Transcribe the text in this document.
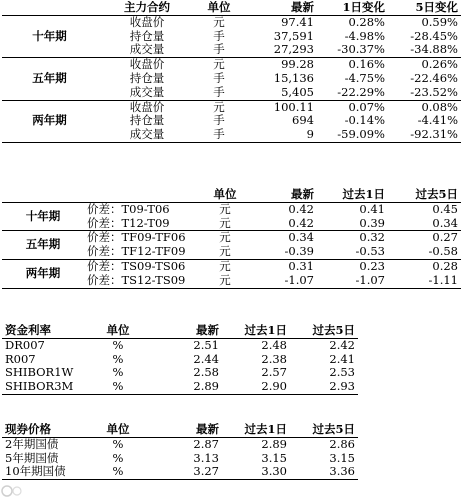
	主力合约	单位	最新	1日变化	5日变化
十年期	收盘价	元	97.41	0.28%	0.59%
	持仓量	手	37,591	-4.98%	-28.45%
	成交量	手	27,293	-30.37%	-34.88%
五年期	收盘价	元	99.28	0.16%	0.26%
	持仓量	手	15,136	-4.75%	-22.46%
	成交量	手	5,405	-22.29%	-23.52%
两年期	收盘价	元	100.11	0.07%	0.08%
	持仓量	手	694	-0.14%	-4.41%
	成交量	手	9	-59.09%	-92.31%
		单位	最新	过去1日	过去5日
十年期	价差：T09-T06	元	0.42	0.41	0.45
	价差：T12-T09	元	0.42	0.39	0.34
五年期	价差：TF09-TF06	元	0.34	0.32	0.27
	价差：TF12-TF09	元	-0.39	-0.53	-0.58
两年期	价差：TS09-TS06	元	0.31	0.23	0.28
	价差：TS12-TS09	元	-1.07	-1.07	-1.11
资金利率	单位	最新	过去1日	过去5日
DR007	%	2.51	2.48	2.42
R007	%	2.44	2.38	2.41
SHIBOR1W	%	2.58	2.57	2.53
SHIBOR3M	%	2.89	2.90	2.93
现券价格	单位	最新	过去1日	过去5日
2年期国债	%	2.87	2.89	2.86
5年期国债	%	3.13	3.15	3.15
10年期国债	%	3.27	3.30	3.36
